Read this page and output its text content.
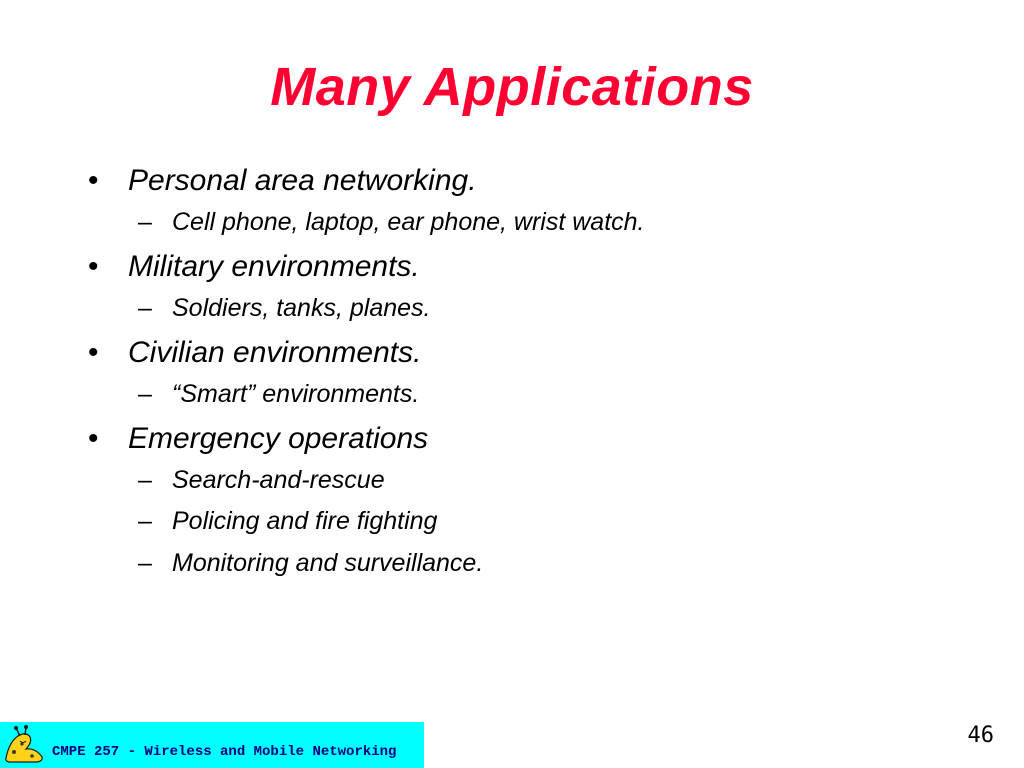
Many Applications
• Personal area networking.
– Cell phone, laptop, ear phone, wrist watch.
• Military environments.
– Soldiers, tanks, planes.
• Civilian environments.
– “Smart” environments.
• Emergency operations
– Search-and-rescue
– Policing and fire fighting
– Monitoring and surveillance.
CMPE 257 - Wireless and Mobile Networking
46
